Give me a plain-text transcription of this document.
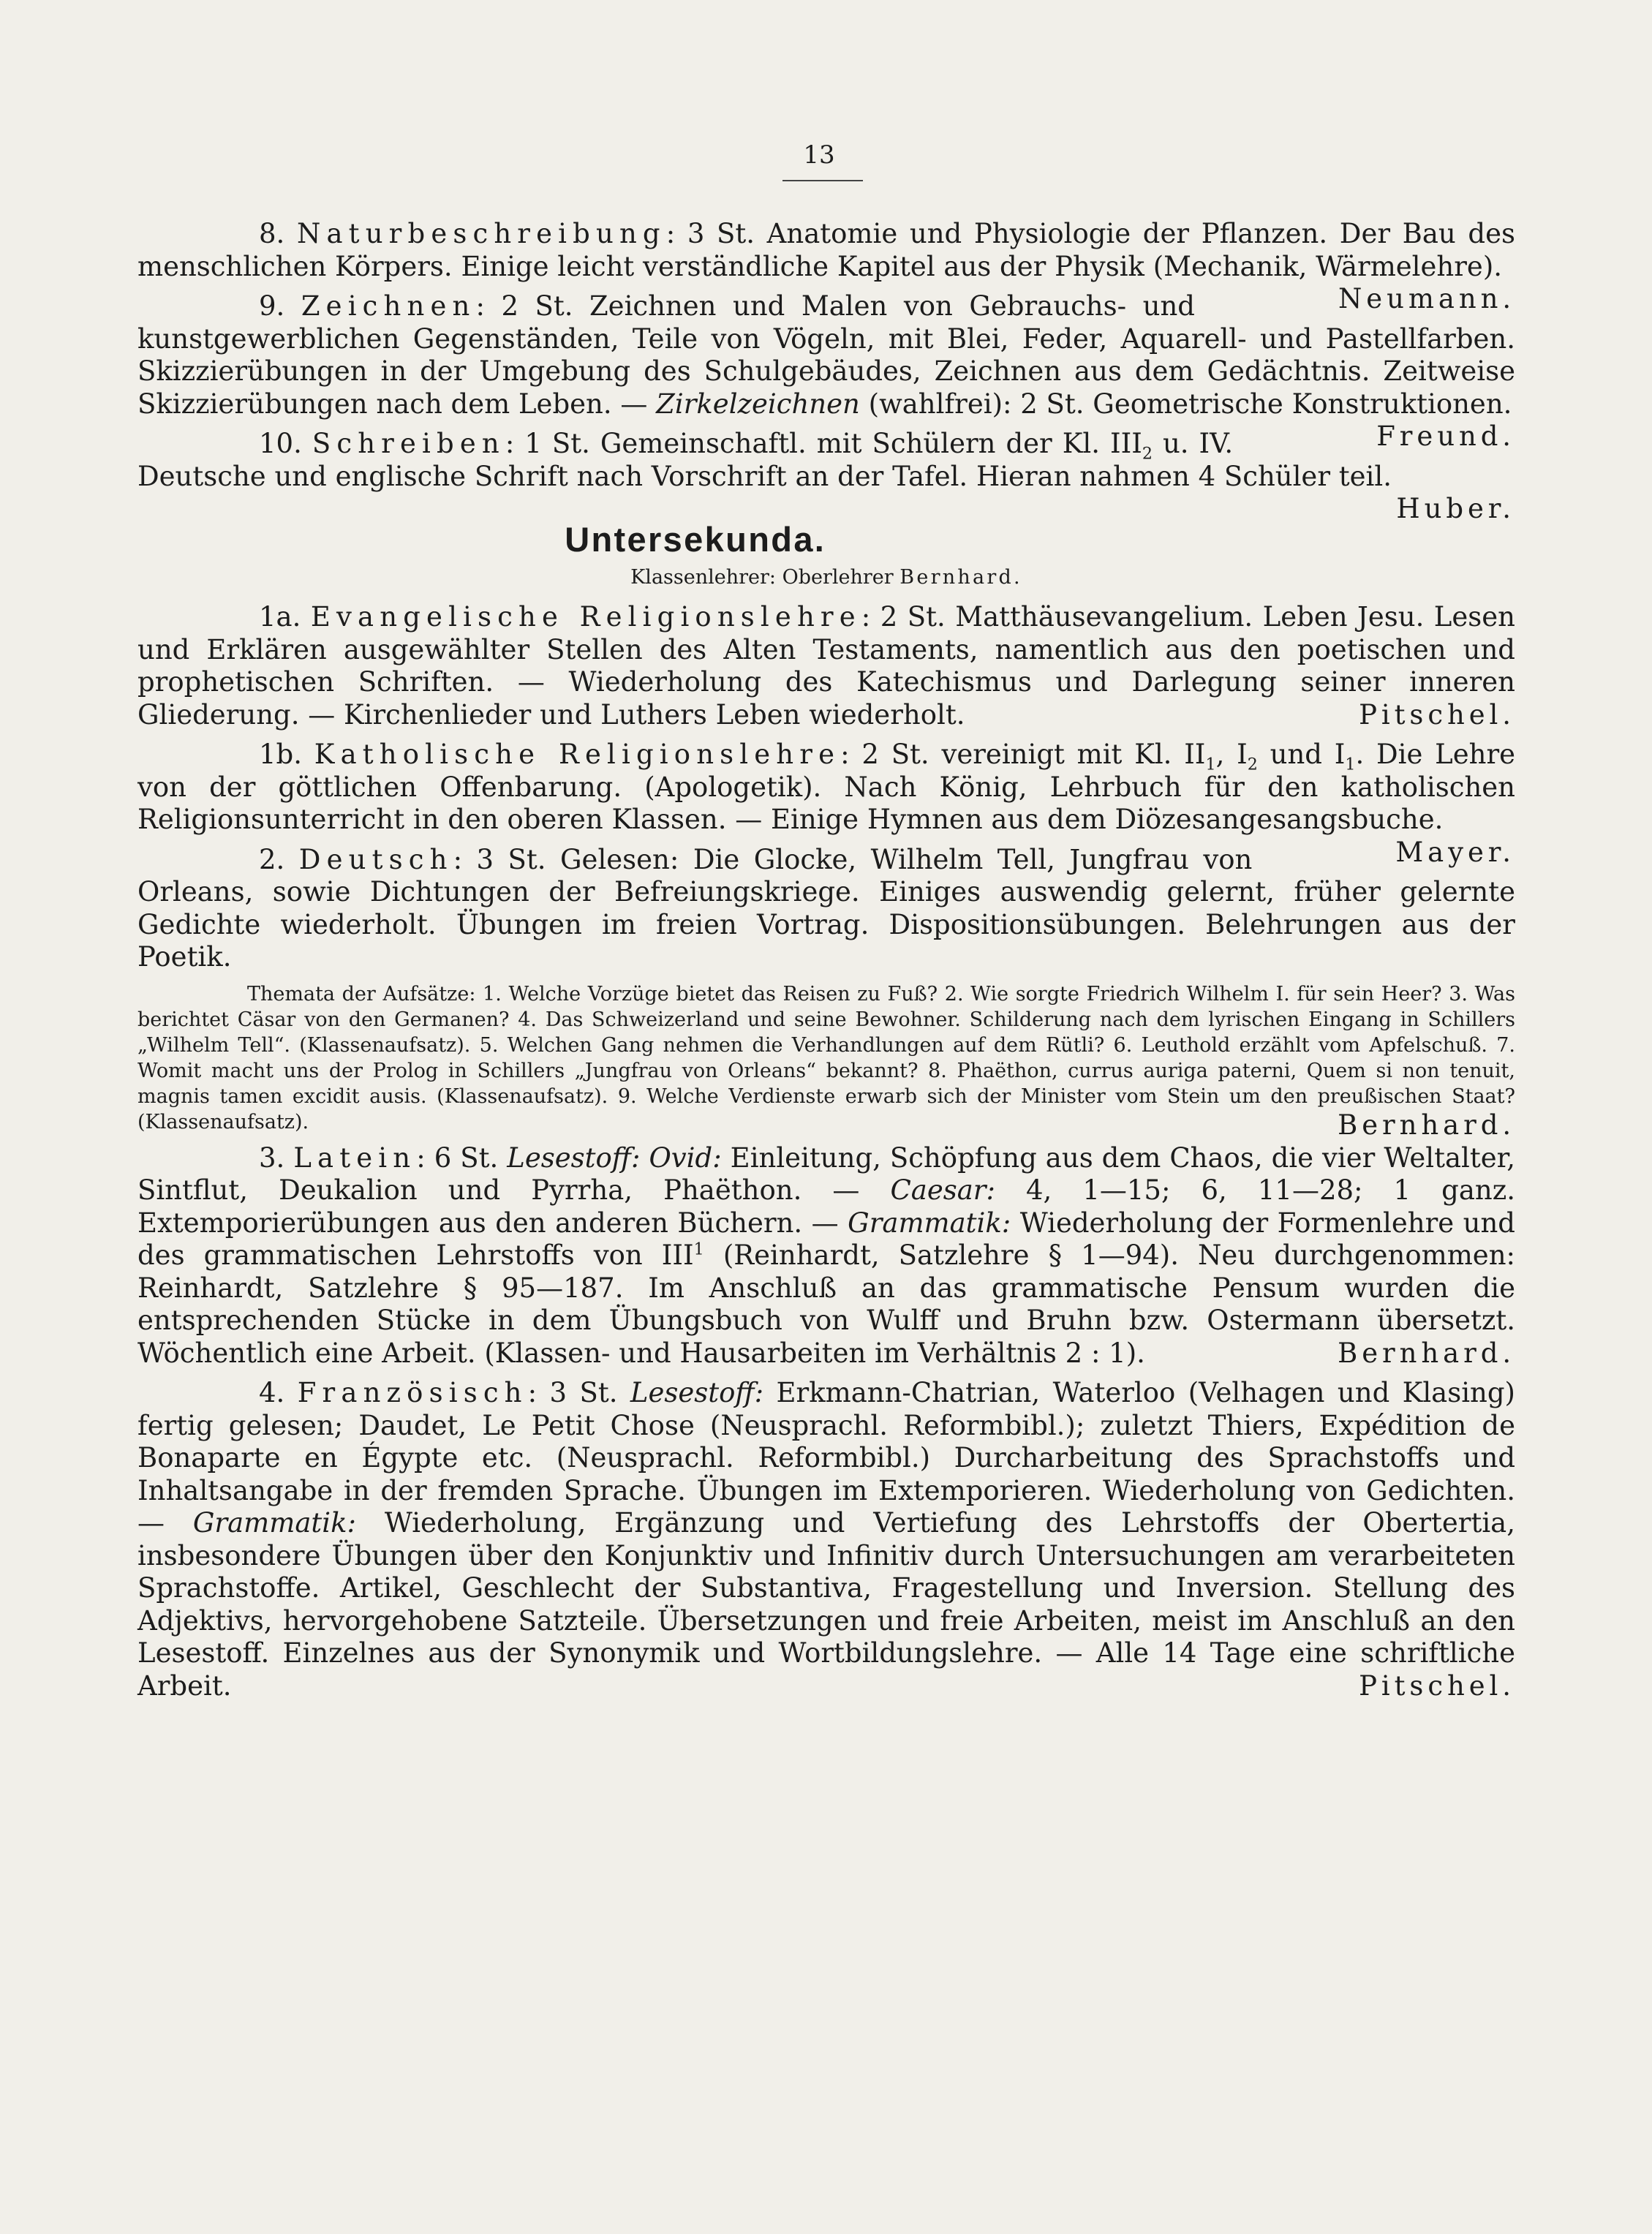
13

8. Naturbeschreibung: 3 St. Anatomie und Physiologie der Pflanzen. Der Bau des menschlichen Körpers. Einige leicht verständliche Kapitel aus der Physik (Mechanik, Wärmelehre).
Neumann.

9. Zeichnen: 2 St. Zeichnen und Malen von Gebrauchs- und kunstgewerblichen Gegenständen, Teile von Vögeln, mit Blei, Feder, Aquarell- und Pastellfarben. Skizzierübungen in der Umgebung des Schulgebäudes, Zeichnen aus dem Gedächtnis. Zeitweise Skizzierübungen nach dem Leben. — Zirkelzeichnen (wahlfrei): 2 St. Geometrische Konstruktionen.
Freund.

10. Schreiben: 1 St. Gemeinschaftl. mit Schülern der Kl. $III_2$ u. IV. Deutsche und englische Schrift nach Vorschrift an der Tafel. Hieran nahmen 4 Schüler teil.
Huber.

Untersekunda.
Klassenlehrer: Oberlehrer Bernhard.

1a. Evangelische Religionslehre: 2 St. Matthäusevangelium. Leben Jesu. Lesen und Erklären ausgewählter Stellen des Alten Testaments, namentlich aus den poetischen und prophetischen Schriften. — Wiederholung des Katechismus und Darlegung seiner inneren Gliederung. — Kirchenlieder und Luthers Leben wiederholt.	Pitschel.

1b. Katholische Religionslehre: 2 St. vereinigt mit Kl. $II_1$, $I_2$ und $I_1$. Die Lehre von der göttlichen Offenbarung. (Apologetik). Nach König, Lehrbuch für den katholischen Religionsunterricht in den oberen Klassen. — Einige Hymnen aus dem Diözesangesangsbuche.
Mayer.

2. Deutsch: 3 St. Gelesen: Die Glocke, Wilhelm Tell, Jungfrau von Orleans, sowie Dichtungen der Befreiungskriege. Einiges auswendig gelernt, früher gelernte Gedichte wiederholt. Übungen im freien Vortrag. Dispositionsübungen. Belehrungen aus der Poetik.

Themata der Aufsätze: 1. Welche Vorzüge bietet das Reisen zu Fuß? 2. Wie sorgte Friedrich Wilhelm I. für sein Heer? 3. Was berichtet Cäsar von den Germanen? 4. Das Schweizerland und seine Bewohner. Schilderung nach dem lyrischen Eingang in Schillers „Wilhelm Tell“. (Klassenaufsatz). 5. Welchen Gang nehmen die Verhandlungen auf dem Rütli? 6. Leuthold erzählt vom Apfelschuß. 7. Womit macht uns der Prolog in Schillers „Jungfrau von Orleans“ bekannt? 8. Phaëthon, currus auriga paterni, Quem si non tenuit, magnis tamen excidit ausis. (Klassenaufsatz). 9. Welche Verdienste erwarb sich der Minister vom Stein um den preußischen Staat? (Klassenaufsatz).	Bernhard.

3. Latein: 6 St. Lesestoff: Ovid: Einleitung, Schöpfung aus dem Chaos, die vier Weltalter, Sintflut, Deukalion und Pyrrha, Phaëthon. — Caesar: 4, 1—15; 6, 11—28; 1 ganz. Extemporierübungen aus den anderen Büchern. — Grammatik: Wiederholung der Formenlehre und des grammatischen Lehrstoffs von III$^1$ (Reinhardt, Satzlehre § 1—94). Neu durchgenommen: Reinhardt, Satzlehre § 95—187. Im Anschluß an das grammatische Pensum wurden die entsprechenden Stücke in dem Übungsbuch von Wulff und Bruhn bzw. Ostermann übersetzt. Wöchentlich eine Arbeit. (Klassen- und Hausarbeiten im Verhältnis 2 : 1).	Bernhard.

4. Französisch: 3 St. Lesestoff: Erkmann-Chatrian, Waterloo (Velhagen und Klasing) fertig gelesen; Daudet, Le Petit Chose (Neusprachl. Reformbibl.); zuletzt Thiers, Expédition de Bonaparte en Égypte etc. (Neusprachl. Reformbibl.) Durcharbeitung des Sprachstoffs und Inhaltsangabe in der fremden Sprache. Übungen im Extemporieren. Wiederholung von Gedichten. — Grammatik: Wiederholung, Ergänzung und Vertiefung des Lehrstoffs der Obertertia, insbesondere Übungen über den Konjunktiv und Infinitiv durch Untersuchungen am verarbeiteten Sprachstoffe. Artikel, Geschlecht der Substantiva, Fragestellung und Inversion. Stellung des Adjektivs, hervorgehobene Satzteile. Übersetzungen und freie Arbeiten, meist im Anschluß an den Lesestoff. Einzelnes aus der Synonymik und Wortbildungslehre. — Alle 14 Tage eine schriftliche Arbeit.	Pitschel.
